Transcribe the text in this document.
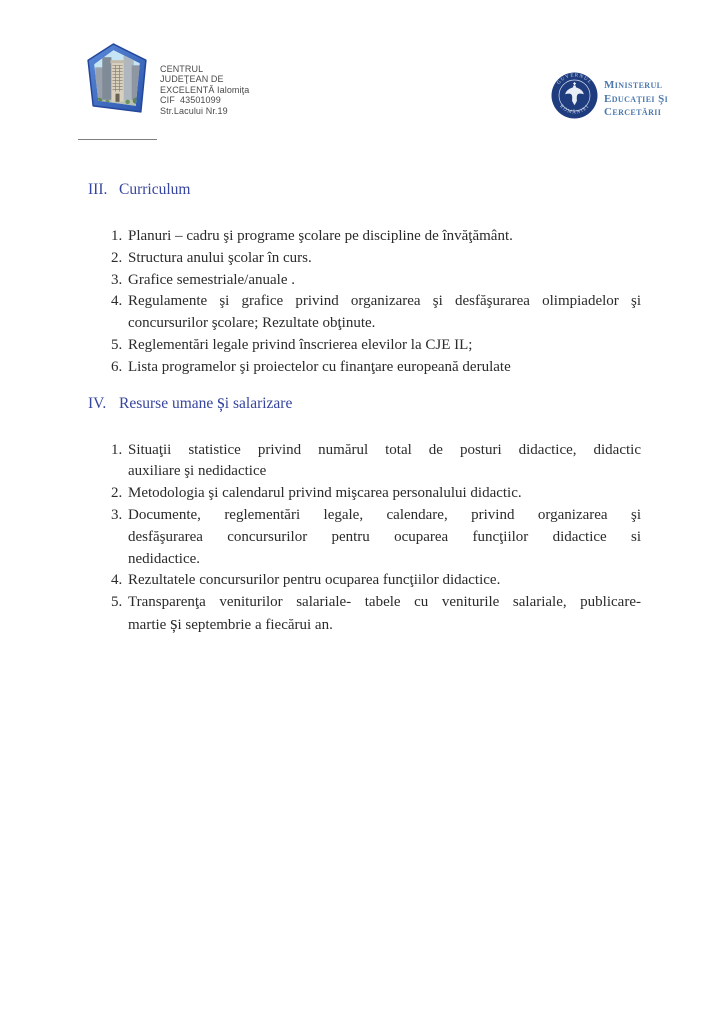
CENTRUL
JUDEŢEAN DE
EXCELENTĂ Ialomiţa
CIF  43501099
Str.Lacului Nr.19
GUVERNUL
ROMÂNIEI
Ministerul
Educaţiei Şi
Cercetării
III. Curriculum
1. Planuri – cadru şi programe şcolare pe discipline de învăţământ.
2. Structura anului şcolar în curs.
3. Grafice semestriale/anuale .
4. Regulamente şi grafice privind organizarea şi desfăşurarea olimpiadelor şi
concursurilor şcolare; Rezultate obţinute.
5. Reglementări legale privind înscrierea elevilor la CJE IL;
6. Lista programelor şi proiectelor cu finanţare europeană derulate
IV. Resurse umane și salarizare
1. Situaţii statistice privind numărul total de posturi didactice, didactic
auxiliare şi nedidactice
2. Metodologia şi calendarul privind mişcarea personalului didactic.
3. Documente, reglementări legale, calendare, privind organizarea şi
desfăşurarea concursurilor pentru ocuparea funcţiilor didactice si
nedidactice.
4. Rezultatele concursurilor pentru ocuparea funcţiilor didactice.
5. Transparenţa veniturilor salariale- tabele cu veniturile salariale, publicare-
martie și septembrie a fiecărui an.
